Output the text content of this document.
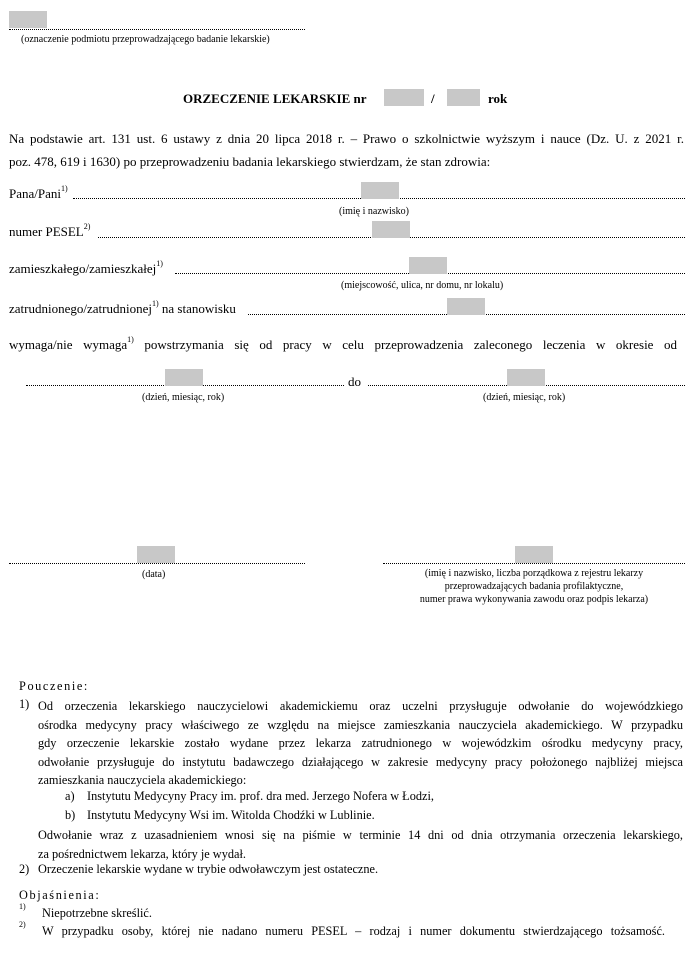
(oznaczenie podmiotu przeprowadzającego badanie lekarskie)
ORZECZENIE LEKARSKIE nr	/	rok
Na podstawie art. 131 ust. 6 ustawy z dnia 20 lipca 2018 r. – Prawo o szkolnictwie wyższym i nauce (Dz. U. z 2021 r.
poz. 478, 619 i 1630) po przeprowadzeniu badania lekarskiego stwierdzam, że stan zdrowia:
Pana/Pani$^{1)}$
(imię i nazwisko)
numer PESEL$^{2)}$
zamieszkałego/zamieszkałej$^{1)}$
(miejscowość, ulica, nr domu, nr lokalu)
zatrudnionego/zatrudnionej$^{1)}$ na stanowisku
wymaga/nie wymaga$^{1)}$ powstrzymania się od pracy w celu przeprowadzenia zaleconego leczenia w okresie od
do
(dzień, miesiąc, rok)	(dzień, miesiąc, rok)
(data)	(imię i nazwisko, liczba porządkowa z rejestru lekarzy
przeprowadzających badania profilaktyczne,
numer prawa wykonywania zawodu oraz podpis lekarza)
Pouczenie:
1) Od orzeczenia lekarskiego nauczycielowi akademickiemu oraz uczelni przysługuje odwołanie do wojewódzkiego
ośrodka medycyny pracy właściwego ze względu na miejsce zamieszkania nauczyciela akademickiego. W przypadku
gdy orzeczenie lekarskie zostało wydane przez lekarza zatrudnionego w wojewódzkim ośrodku medycyny pracy,
odwołanie przysługuje do instytutu badawczego działającego w zakresie medycyny pracy położonego najbliżej miejsca
zamieszkania nauczyciela akademickiego:
a) Instytutu Medycyny Pracy im. prof. dra med. Jerzego Nofera w Łodzi,
b) Instytutu Medycyny Wsi im. Witolda Chodźki w Lublinie.
Odwołanie wraz z uzasadnieniem wnosi się na piśmie w terminie 14 dni od dnia otrzymania orzeczenia lekarskiego,
za pośrednictwem lekarza, który je wydał.
2) Orzeczenie lekarskie wydane w trybie odwoławczym jest ostateczne.
Objaśnienia:
1) Niepotrzebne skreślić.
2) W przypadku osoby, której nie nadano numeru PESEL – rodzaj i numer dokumentu stwierdzającego tożsamość.
